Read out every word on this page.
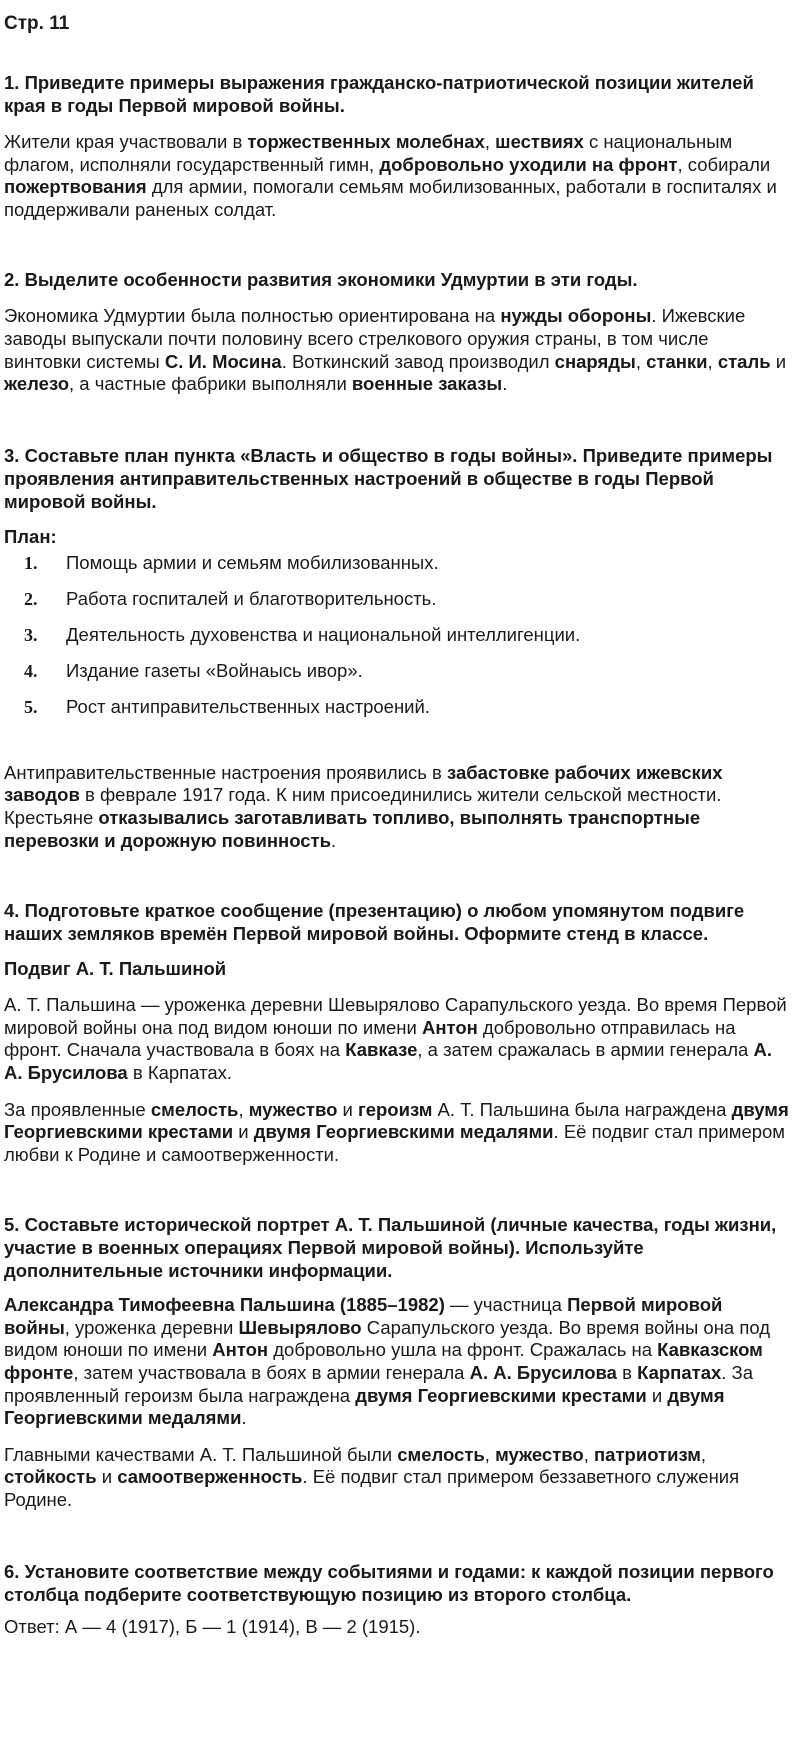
Стр. 11
1. Приведите примеры выражения гражданско-патриотической позиции жителей края в годы Первой мировой войны.
Жители края участвовали в торжественных молебнах, шествиях с национальным флагом, исполняли государственный гимн, добровольно уходили на фронт, собирали пожертвования для армии, помогали семьям мобилизованных, работали в госпиталях и поддерживали раненых солдат.
2. Выделите особенности развития экономики Удмуртии в эти годы.
Экономика Удмуртии была полностью ориентирована на нужды обороны. Ижевские заводы выпускали почти половину всего стрелкового оружия страны, в том числе винтовки системы С. И. Мосина. Воткинский завод производил снаряды, станки, сталь и железо, а частные фабрики выполняли военные заказы.
3. Составьте план пункта «Власть и общество в годы войны». Приведите примеры проявления антиправительственных настроений в обществе в годы Первой мировой войны.
План:
1.	Помощь армии и семьям мобилизованных.
2.	Работа госпиталей и благотворительность.
3.	Деятельность духовенства и национальной интеллигенции.
4.	Издание газеты «Войнаысь ивор».
5.	Рост антиправительственных настроений.
Антиправительственные настроения проявились в забастовке рабочих ижевских заводов в феврале 1917 года. К ним присоединились жители сельской местности. Крестьяне отказывались заготавливать топливо, выполнять транспортные перевозки и дорожную повинность.
4. Подготовьте краткое сообщение (презентацию) о любом упомянутом подвиге наших земляков времён Первой мировой войны. Оформите стенд в классе.
Подвиг А. Т. Пальшиной
А. Т. Пальшина — уроженка деревни Шевырялово Сарапульского уезда. Во время Первой мировой войны она под видом юноши по имени Антон добровольно отправилась на фронт. Сначала участвовала в боях на Кавказе, а затем сражалась в армии генерала А. А. Брусилова в Карпатах.
За проявленные смелость, мужество и героизм А. Т. Пальшина была награждена двумя Георгиевскими крестами и двумя Георгиевскими медалями. Её подвиг стал примером любви к Родине и самоотверженности.
5. Составьте исторической портрет А. Т. Пальшиной (личные качества, годы жизни, участие в военных операциях Первой мировой войны). Используйте дополнительные источники информации.
Александра Тимофеевна Пальшина (1885–1982) — участница Первой мировой войны, уроженка деревни Шевырялово Сарапульского уезда. Во время войны она под видом юноши по имени Антон добровольно ушла на фронт. Сражалась на Кавказском фронте, затем участвовала в боях в армии генерала А. А. Брусилова в Карпатах. За проявленный героизм была награждена двумя Георгиевскими крестами и двумя Георгиевскими медалями.
Главными качествами А. Т. Пальшиной были смелость, мужество, патриотизм, стойкость и самоотверженность. Её подвиг стал примером беззаветного служения Родине.
6. Установите соответствие между событиями и годами: к каждой позиции первого столбца подберите соответствующую позицию из второго столбца.
Ответ: А — 4 (1917), Б — 1 (1914), В — 2 (1915).
